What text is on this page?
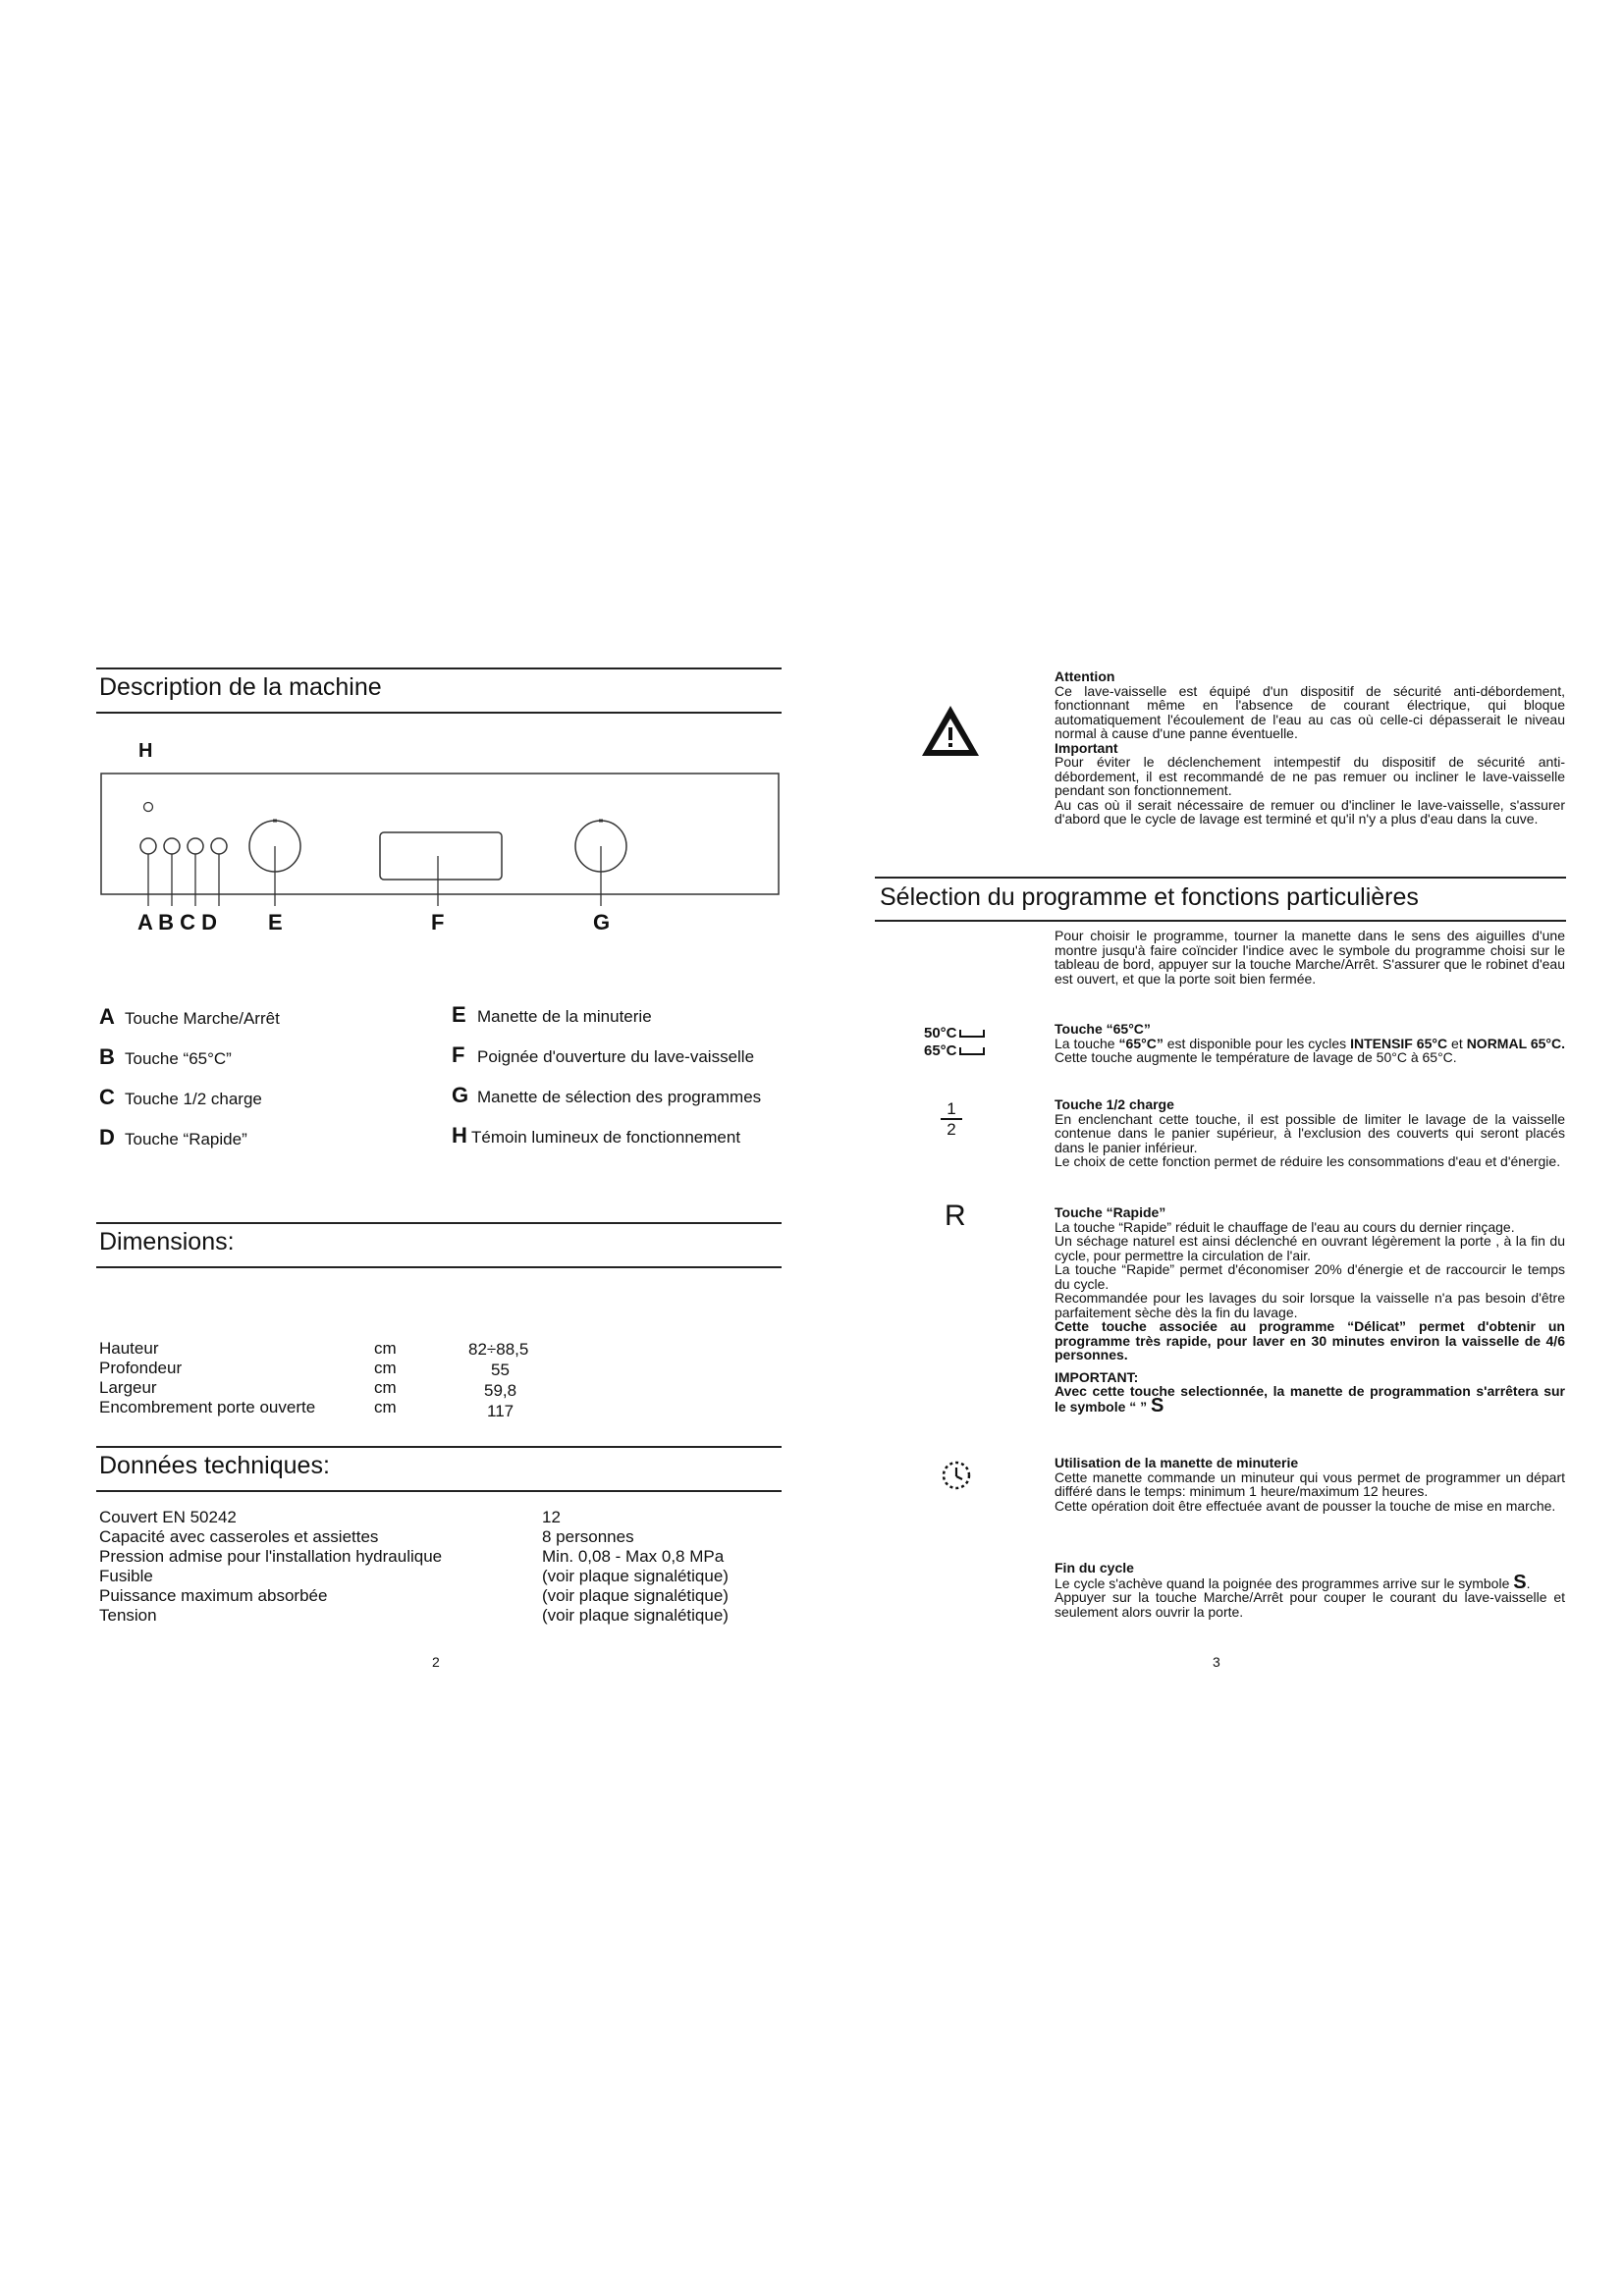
Description de la machine
H
A B C D E	F	G
A Touche Marche/Arrêt
B Touche “65°C”
C Touche 1/2 charge
D Touche “Rapide”
E Manette de la minuterie
F Poignée d'ouverture du lave-vaisselle
G Manette de sélection des programmes
H Témoin lumineux de fonctionnement
Dimensions:
Hauteur	cm	82÷88,5
Profondeur	cm	55
Largeur	cm	59,8
Encombrement porte ouverte	cm	117
Données techniques:
Couvert EN 50242	12
Capacité avec casseroles et assiettes	8 personnes
Pression admise pour l'installation hydraulique	Min. 0,08 - Max 0,8 MPa
Fusible	(voir plaque signalétique)
Puissance maximum absorbée	(voir plaque signalétique)
Tension	(voir plaque signalétique)
2
Attention
Ce lave-vaisselle est équipé d'un dispositif de sécurité anti-débordement, fonctionnant même en l'absence de courant électrique, qui bloque automatiquement l'écoulement de l'eau au cas où celle-ci dépasserait le niveau normal à cause d'une panne éventuelle.
Important
Pour éviter le déclenchement intempestif du dispositif de sécurité anti-débordement, il est recommandé de ne pas remuer ou incliner le lave-vaisselle pendant son fonctionnement.
Au cas où il serait nécessaire de remuer ou d'incliner le lave-vaisselle, s'assurer d'abord que le cycle de lavage est terminé et qu'il n'y a plus d'eau dans la cuve.
Sélection du programme et fonctions particulières
Pour choisir le programme, tourner la manette dans le sens des aiguilles d'une montre jusqu'à faire coïncider l'indice avec le symbole du programme choisi sur le tableau de bord, appuyer sur la touche Marche/Arrêt. S'assurer que le robinet d'eau est ouvert, et que la porte soit bien fermée.
50°C
65°C
Touche “65°C”
La touche “65°C” est disponible pour les cycles INTENSIF 65°C et NORMAL 65°C. Cette touche augmente le température de lavage de 50°C à 65°C.
1
2
Touche 1/2 charge
En enclenchant cette touche, il est possible de limiter le lavage de la vaisselle contenue dans le panier supérieur, à l'exclusion des couverts qui seront placés dans le panier inférieur.
Le choix de cette fonction permet de réduire les consommations d'eau et d'énergie.
R	Touche “Rapide”
La touche “Rapide” réduit le chauffage de l'eau au cours du dernier rinçage.
Un séchage naturel est ainsi déclenché en ouvrant légèrement la porte , à la fin du cycle, pour permettre la circulation de l'air.
La touche “Rapide” permet d'économiser 20% d'énergie et de raccourcir le temps du cycle.
Recommandée pour les lavages du soir lorsque la vaisselle n'a pas besoin d'être parfaitement sèche dès la fin du lavage.
Cette touche associée au programme “Délicat” permet d'obtenir un programme très rapide, pour laver en 30 minutes environ la vaisselle de 4/6 personnes.
IMPORTANT:
Avec cette touche selectionnée, la manette de programmation s'arrêtera sur le symbole “ ” S
Utilisation de la manette de minuterie
Cette manette commande un minuteur qui vous permet de programmer un départ différé dans le temps: minimum 1 heure/maximum 12 heures.
Cette opération doit être effectuée avant de pousser la touche de mise en marche.
Fin du cycle
Le cycle s'achève quand la poignée des programmes arrive sur le symbole S.
Appuyer sur la touche Marche/Arrêt pour couper le courant du lave-vaisselle et seulement alors ouvrir la porte.
3
